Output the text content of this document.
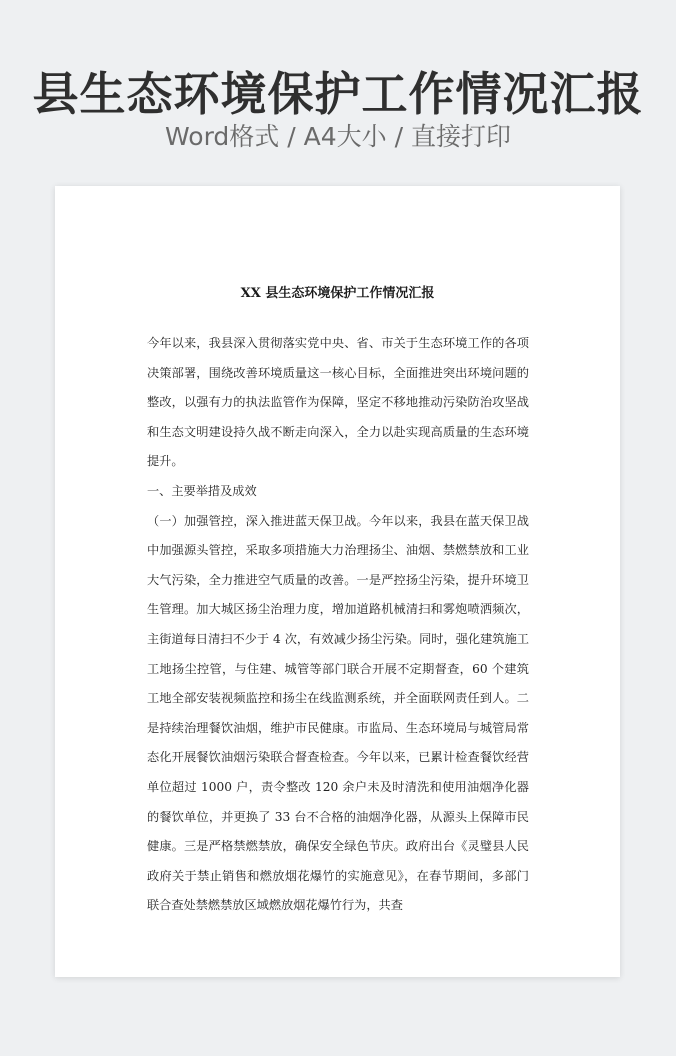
县生态环境保护工作情况汇报
Word格式 / A4大小 / 直接打印
XX 县生态环境保护工作情况汇报

今年以来，我县深入贯彻落实党中央、省、市关于生态环境工作的各项决策部署，围绕改善环境质量这一核心目标，全面推进突出环境问题的整改，以强有力的执法监管作为保障，坚定不移地推动污染防治攻坚战和生态文明建设持久战不断走向深入，全力以赴实现高质量的生态环境提升。

一、主要举措及成效

（一）加强管控，深入推进蓝天保卫战。今年以来，我县在蓝天保卫战中加强源头管控，采取多项措施大力治理扬尘、油烟、禁燃禁放和工业大气污染，全力推进空气质量的改善。一是严控扬尘污染，提升环境卫生管理。加大城区扬尘治理力度，增加道路机械清扫和雾炮喷洒频次，主街道每日清扫不少于 4 次，有效减少扬尘污染。同时，强化建筑施工工地扬尘控管，与住建、城管等部门联合开展不定期督查，60 个建筑工地全部安装视频监控和扬尘在线监测系统，并全面联网责任到人。二是持续治理餐饮油烟，维护市民健康。市监局、生态环境局与城管局常态化开展餐饮油烟污染联合督查检查。今年以来，已累计检查餐饮经营单位超过 1000 户，责令整改 120 余户未及时清洗和使用油烟净化器的餐饮单位，并更换了 33 台不合格的油烟净化器，从源头上保障市民健康。三是严格禁燃禁放，确保安全绿色节庆。政府出台《灵璧县人民政府关于禁止销售和燃放烟花爆竹的实施意见》，在春节期间，多部门联合查处禁燃禁放区域燃放烟花爆竹行为，共查
